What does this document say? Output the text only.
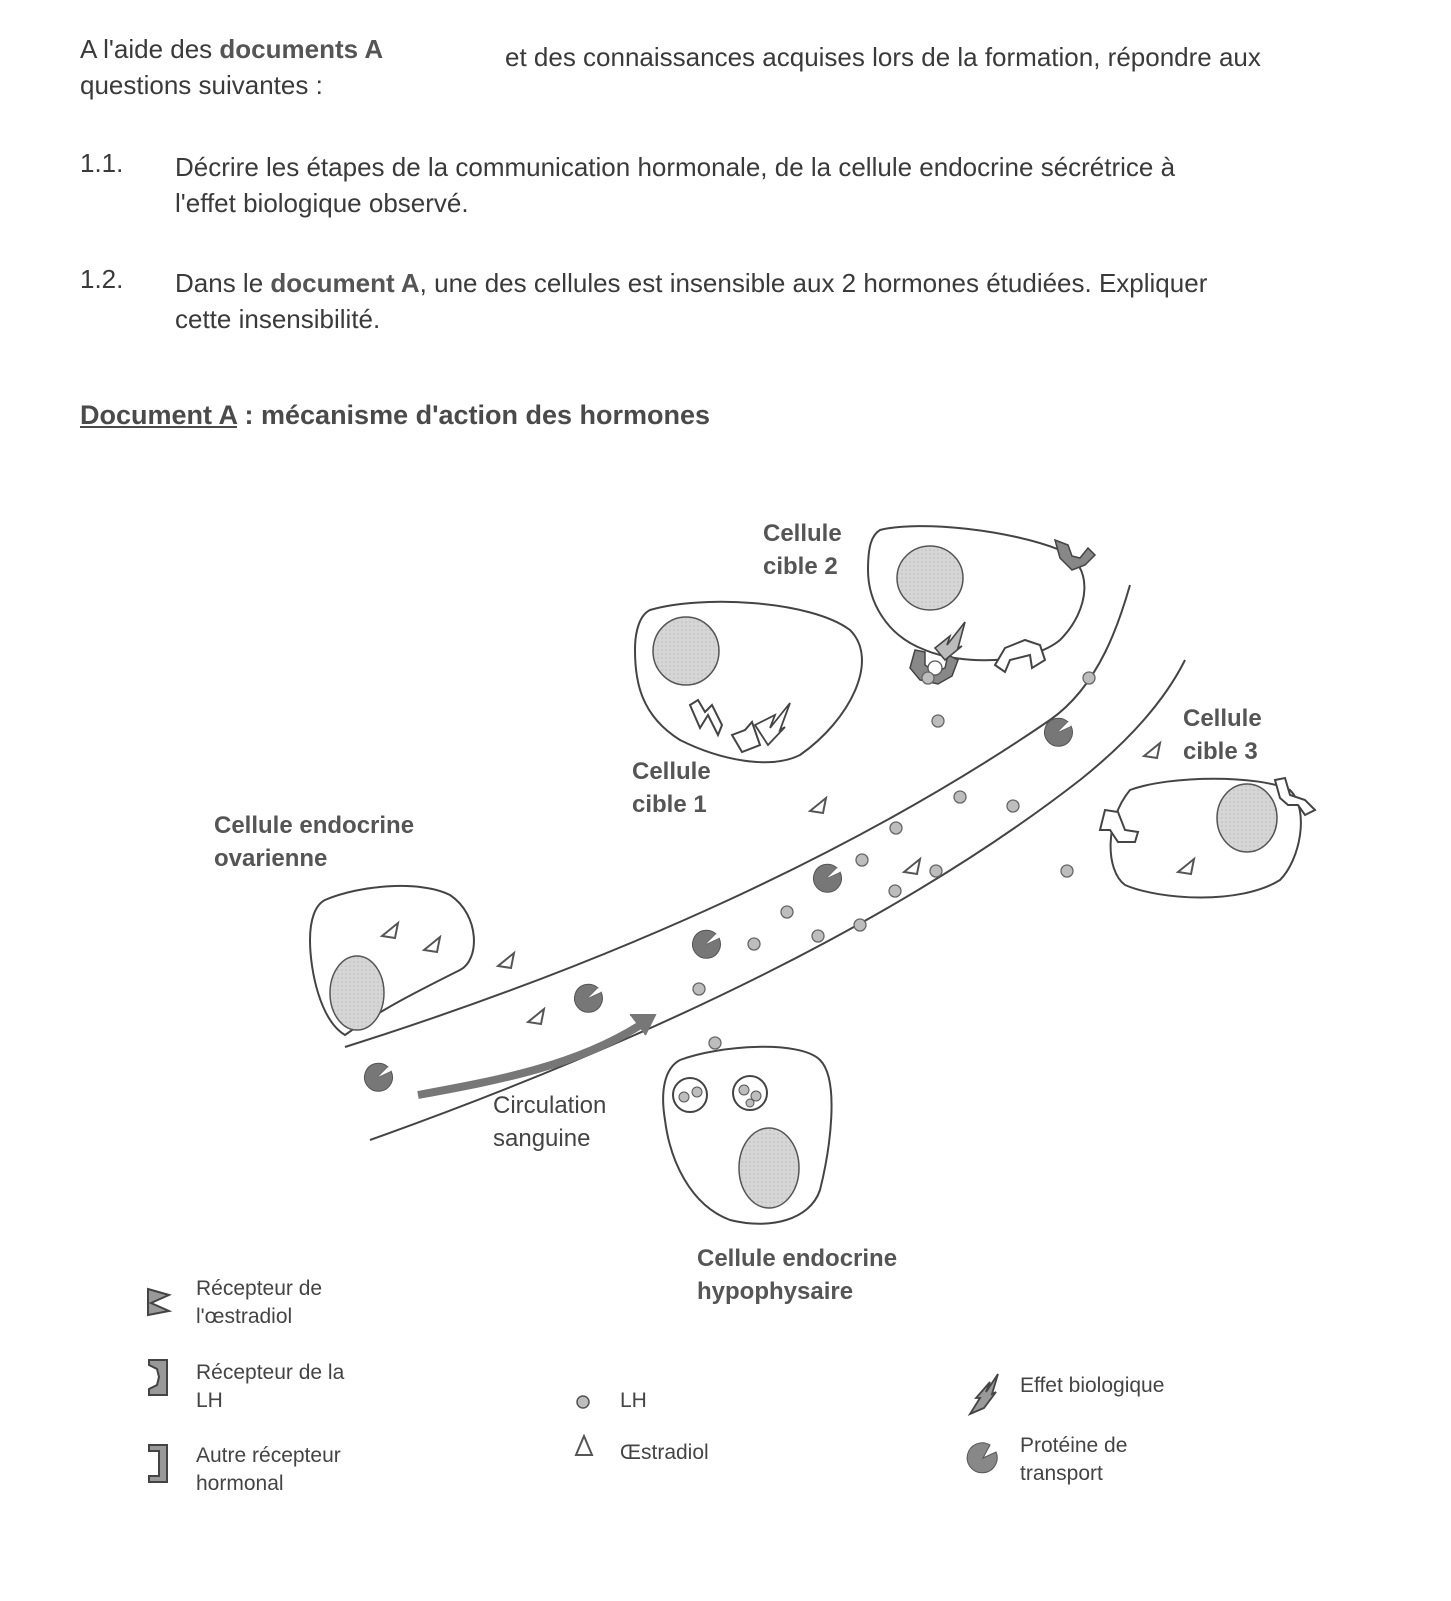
A l'aide des documents A	et des connaissances acquises lors de la formation, répondre aux
questions suivantes :
1.1. Décrire les étapes de la communication hormonale, de la cellule endocrine sécrétrice à
l'effet biologique observé.
1.2. Dans le document A, une des cellules est insensible aux 2 hormones étudiées. Expliquer
cette insensibilité.
Document A : mécanisme d'action des hormones
Cellule
cible 2
Cellule
cible 1
Cellule
cible 3
Cellule endocrine
ovarienne
Circulation
sanguine
Cellule endocrine
hypophysaire
Récepteur de
l'œstradiol
Récepteur de la
LH
Autre récepteur
hormonal
LH
Œstradiol
Effet biologique
Protéine de
transport
